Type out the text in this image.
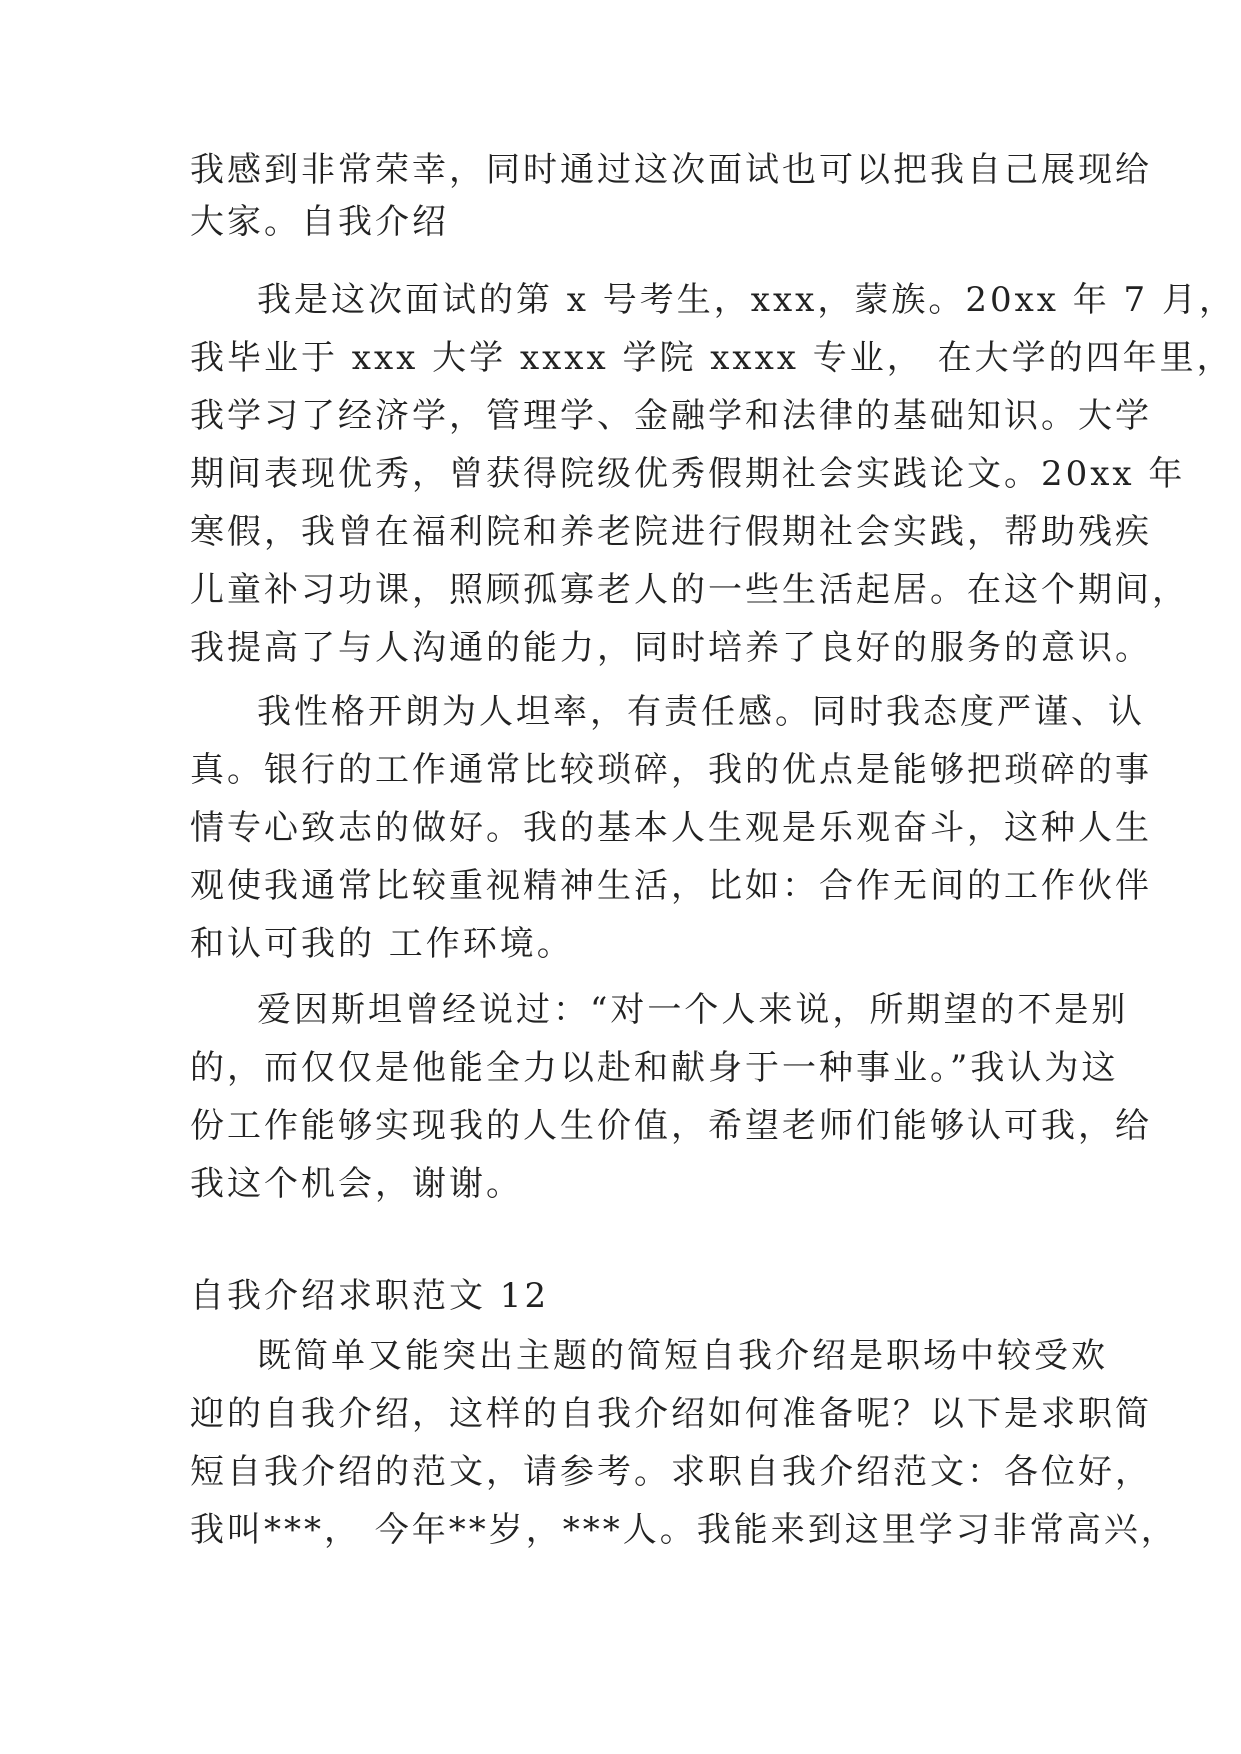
我感到非常荣幸，同时通过这次面试也可以把我自己展现给
大家。自我介绍
我是这次面试的第 x 号考生，xxx，蒙族。20xx 年 7 月，
我毕业于 xxx 大学 xxxx 学院 xxxx 专业， 在大学的四年里，
我学习了经济学，管理学、金融学和法律的基础知识。大学
期间表现优秀，曾获得院级优秀假期社会实践论文。20xx 年
寒假，我曾在福利院和养老院进行假期社会实践，帮助残疾
儿童补习功课，照顾孤寡老人的一些生活起居。在这个期间，
我提高了与人沟通的能力，同时培养了良好的服务的意识。
我性格开朗为人坦率，有责任感。同时我态度严谨、认
真。银行的工作通常比较琐碎，我的优点是能够把琐碎的事
情专心致志的做好。我的基本人生观是乐观奋斗，这种人生
观使我通常比较重视精神生活，比如：合作无间的工作伙伴
和认可我的 工作环境。
爱因斯坦曾经说过：“对一个人来说，所期望的不是别
的，而仅仅是他能全力以赴和献身于一种事业。”我认为这
份工作能够实现我的人生价值，希望老师们能够认可我，给
我这个机会，谢谢。
自我介绍求职范文 12
既简单又能突出主题的简短自我介绍是职场中较受欢
迎的自我介绍，这样的自我介绍如何准备呢？以下是求职简
短自我介绍的范文，请参考。求职自我介绍范文：各位好，
我叫***， 今年**岁，***人。我能来到这里学习非常高兴，
